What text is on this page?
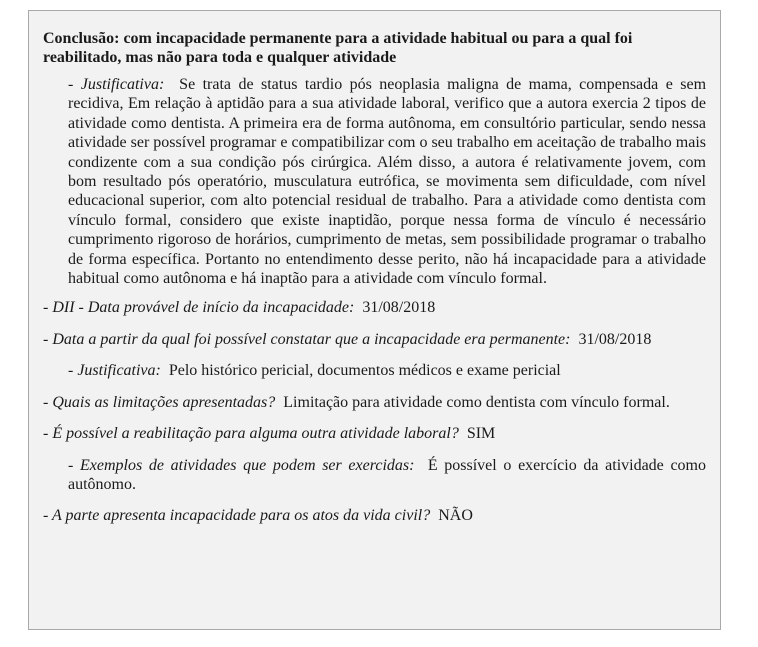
Conclusão: com incapacidade permanente para a atividade habitual ou para a qual foi reabilitado, mas não para toda e qualquer atividade

- Justificativa: Se trata de status tardio pós neoplasia maligna de mama, compensada e sem recidiva, Em relação à aptidão para a sua atividade laboral, verifico que a autora exercia 2 tipos de atividade como dentista. A primeira era de forma autônoma, em consultório particular, sendo nessa atividade ser possível programar e compatibilizar com o seu trabalho em aceitação de trabalho mais condizente com a sua condição pós cirúrgica. Além disso, a autora é relativamente jovem, com bom resultado pós operatório, musculatura eutrófica, se movimenta sem dificuldade, com nível educacional superior, com alto potencial residual de trabalho. Para a atividade como dentista com vínculo formal, considero que existe inaptidão, porque nessa forma de vínculo é necessário cumprimento rigoroso de horários, cumprimento de metas, sem possibilidade programar o trabalho de forma específica. Portanto no entendimento desse perito, não há incapacidade para a atividade habitual como autônoma e há inaptão para a atividade com vínculo formal.

- DII - Data provável de início da incapacidade: 31/08/2018

- Data a partir da qual foi possível constatar que a incapacidade era permanente: 31/08/2018

- Justificativa: Pelo histórico pericial, documentos médicos e exame pericial

- Quais as limitações apresentadas? Limitação para atividade como dentista com vínculo formal.

- É possível a reabilitação para alguma outra atividade laboral? SIM

- Exemplos de atividades que podem ser exercidas: É possível o exercício da atividade como autônomo.

- A parte apresenta incapacidade para os atos da vida civil? NÃO
